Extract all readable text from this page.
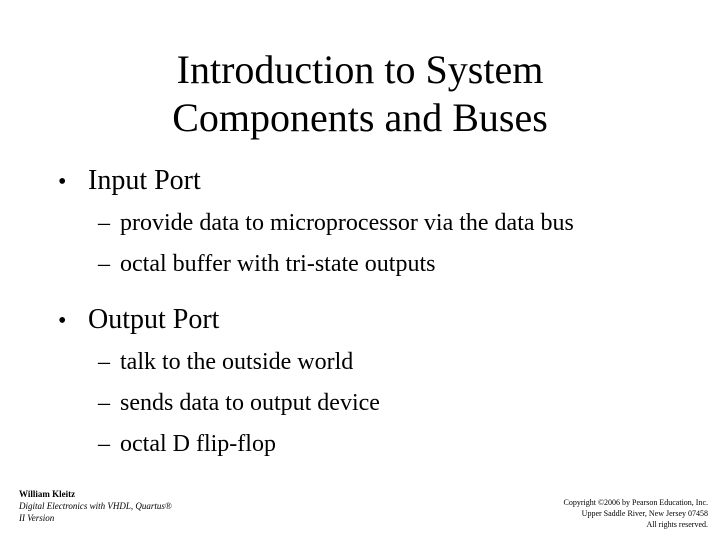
Introduction to System
Components and Buses
• Input Port
– provide data to microprocessor via the data bus
– octal buffer with tri-state outputs
• Output Port
– talk to the outside world
– sends data to output device
– octal D flip-flop
William Kleitz
Digital Electronics with VHDL, Quartus®
II Version
Copyright ©2006 by Pearson Education, Inc.
Upper Saddle River, New Jersey 07458
All rights reserved.
